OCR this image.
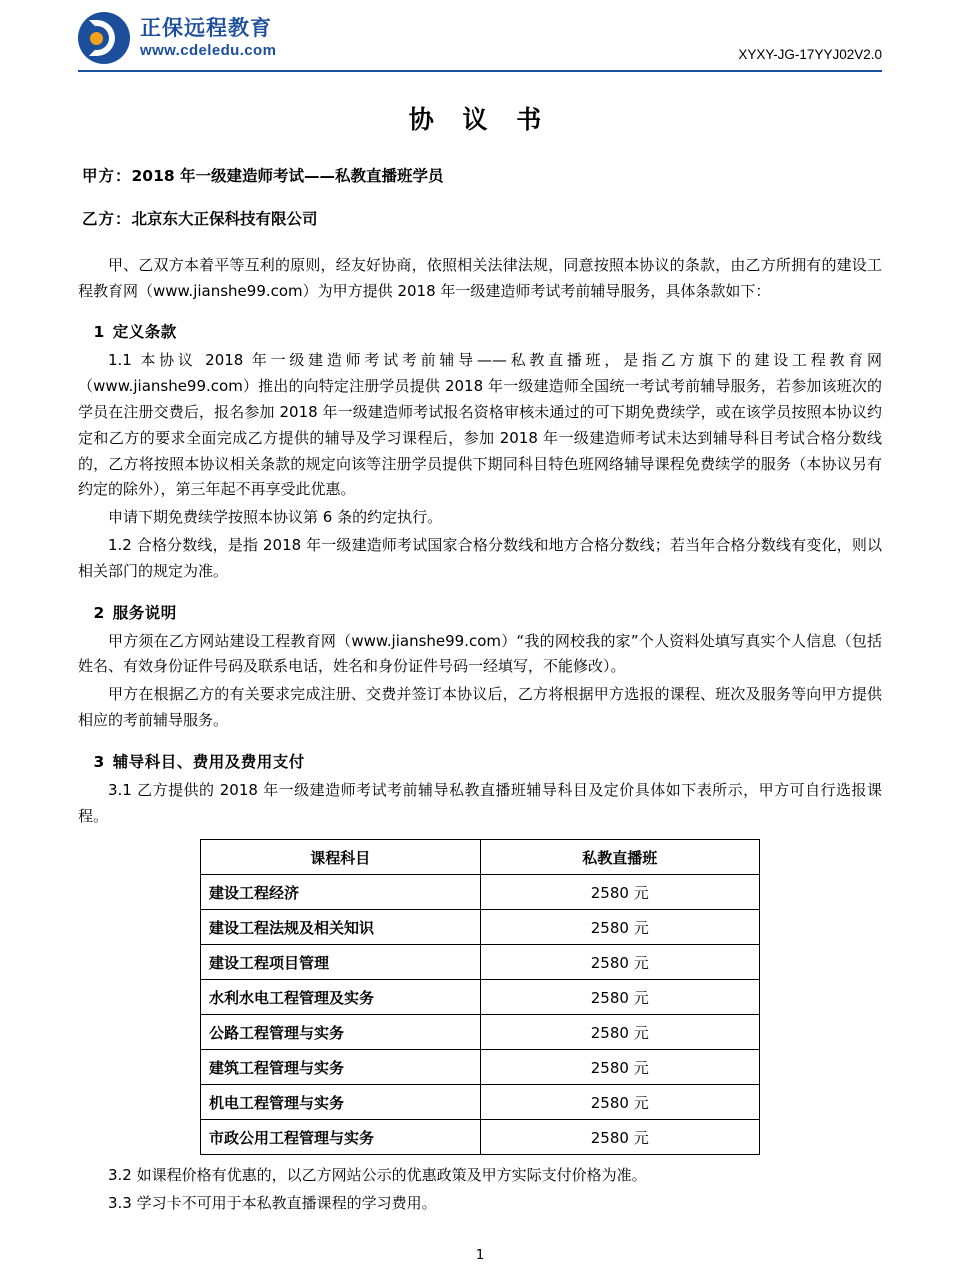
正保远程教育
www.cdeledu.com	XYXY-JG-17YYJ02V2.0
协 议 书
甲方：2018 年一级建造师考试——私教直播班学员
乙方：北京东大正保科技有限公司

甲、乙双方本着平等互利的原则，经友好协商，依照相关法律法规，同意按照本协议的条款，由乙方所拥有的建设工程教育网（www.jianshe99.com）为甲方提供 2018 年一级建造师考试考前辅导服务，具体条款如下：

1 定义条款

1.1 本协议 2018 年一级建造师考试考前辅导——私教直播班，是指乙方旗下的建设工程教育网（www.jianshe99.com）推出的向特定注册学员提供 2018 年一级建造师全国统一考试考前辅导服务，若参加该班次的学员在注册交费后，报名参加 2018 年一级建造师考试报名资格审核未通过的可下期免费续学，或在该学员按照本协议约定和乙方的要求全面完成乙方提供的辅导及学习课程后，参加 2018 年一级建造师考试未达到辅导科目考试合格分数线的，乙方将按照本协议相关条款的规定向该等注册学员提供下期同科目特色班网络辅导课程免费续学的服务（本协议另有约定的除外），第三年起不再享受此优惠。

申请下期免费续学按照本协议第 6 条的约定执行。

1.2 合格分数线，是指 2018 年一级建造师考试国家合格分数线和地方合格分数线；若当年合格分数线有变化，则以相关部门的规定为准。

2 服务说明

甲方须在乙方网站建设工程教育网（www.jianshe99.com）“我的网校我的家”个人资料处填写真实个人信息（包括姓名、有效身份证件号码及联系电话，姓名和身份证件号码一经填写，不能修改）。

甲方在根据乙方的有关要求完成注册、交费并签订本协议后，乙方将根据甲方选报的课程、班次及服务等向甲方提供相应的考前辅导服务。

3 辅导科目、费用及费用支付

3.1 乙方提供的 2018 年一级建造师考试考前辅导私教直播班辅导科目及定价具体如下表所示，甲方可自行选报课程。

课程科目	私教直播班
建设工程经济	2580 元
建设工程法规及相关知识	2580 元
建设工程项目管理	2580 元
水利水电工程管理及实务	2580 元
公路工程管理与实务	2580 元
建筑工程管理与实务	2580 元
机电工程管理与实务	2580 元
市政公用工程管理与实务	2580 元

3.2 如课程价格有优惠的，以乙方网站公示的优惠政策及甲方实际支付价格为准。

3.3 学习卡不可用于本私教直播课程的学习费用。

1
